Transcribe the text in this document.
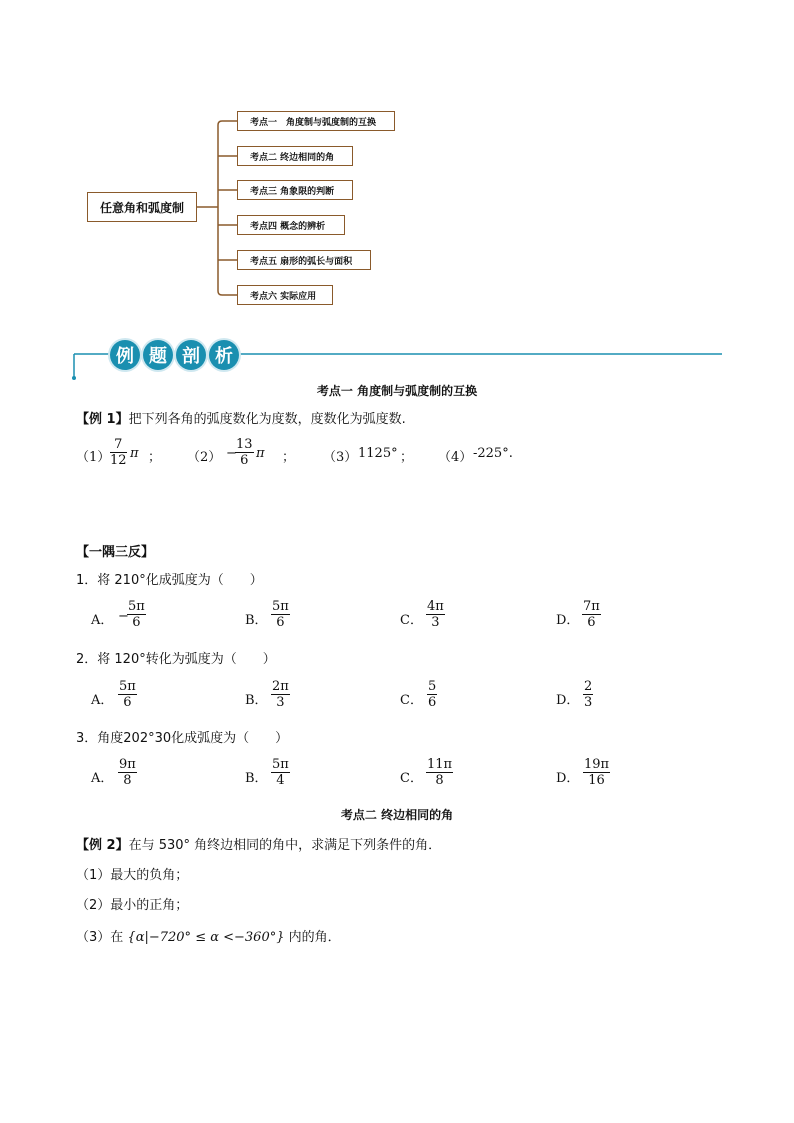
任意角和弧度制
考点一　角度制与弧度制的互换
考点二 终边相同的角
考点三 角象限的判断
考点四 概念的辨析
考点五 扇形的弧长与面积
考点六 实际应用
例 题 剖 析
考点一 角度制与弧度制的互换
【例 1】把下列各角的弧度数化为度数，度数化为弧度数.
（1）
7
12 π ； （2） −
13
6 π ； （3） 1125° ； （4） -225°.
【一隅三反】
1．将 210°化成弧度为（　　）
A． −
5π
6	B．
5π
6	C．
4π
3	D．
7π
6
2．将 120°转化为弧度为（　　）
A．
5π
6	B．
2π
3	C．
5
6	D．
2
3
3．角度202°30化成弧度为（　　）
A．
9π
8	B．
5π
4	C．
11π
8	D．
19π
16
考点二 终边相同的角
【例 2】在与 530° 角终边相同的角中，求满足下列条件的角．
（1）最大的负角；
（2）最小的正角；
（3）在 {α|−720° ≤ α <−360°} 内的角．
